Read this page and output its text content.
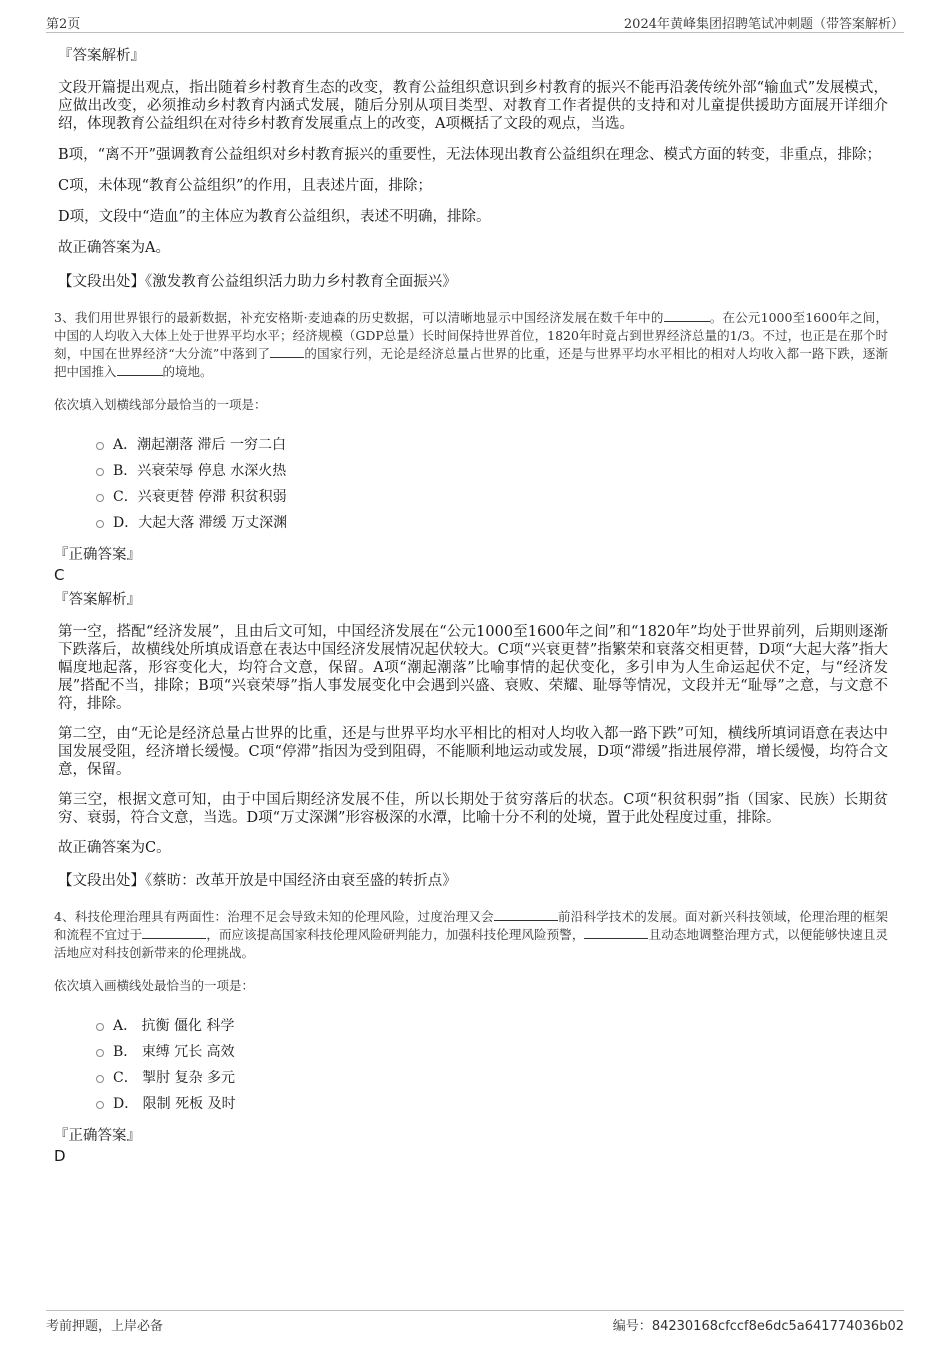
第2页	2024年黄峰集团招聘笔试冲刺题（带答案解析）
『答案解析』

文段开篇提出观点，指出随着乡村教育生态的改变，教育公益组织意识到乡村教育的振兴不能再沿袭传统外部“输血式”发展模式，应做出改变，必须推动乡村教育内涵式发展，随后分别从项目类型、对教育工作者提供的支持和对儿童提供援助方面展开详细介绍，体现教育公益组织在对待乡村教育发展重点上的改变，A项概括了文段的观点，当选。

B项，“离不开”强调教育公益组织对乡村教育振兴的重要性，无法体现出教育公益组织在理念、模式方面的转变，非重点，排除；

C项，未体现“教育公益组织”的作用，且表述片面，排除；

D项，文段中“造血”的主体应为教育公益组织，表述不明确，排除。

故正确答案为A。

【文段出处】《激发教育公益组织活力助力乡村教育全面振兴》

3、我们用世界银行的最新数据，补充安格斯·麦迪森的历史数据，可以清晰地显示中国经济发展在数千年中的	。在公元1000至1600年之间，中国的人均收入大体上处于世界平均水平；经济规模（GDP总量）长时间保持世界首位，1820年时竟占到世界经济总量的1/3。不过，也正是在那个时刻，中国在世界经济“大分流”中落到了	的国家行列，无论是经济总量占世界的比重，还是与世界平均水平相比的相对人均收入都一路下跌，逐渐把中国推入	的境地。

依次填入划横线部分最恰当的一项是：
A．潮起潮落 滞后 一穷二白
B．兴衰荣辱 停息 水深火热
C．兴衰更替 停滞 积贫积弱
D．大起大落 滞缓 万丈深渊
『正确答案』
C
『答案解析』

第一空，搭配“经济发展”，且由后文可知，中国经济发展在“公元1000至1600年之间”和“1820年”均处于世界前列，后期则逐渐下跌落后，故横线处所填成语意在表达中国经济发展情况起伏较大。C项“兴衰更替”指繁荣和衰落交相更替，D项“大起大落”指大幅度地起落，形容变化大，均符合文意，保留。A项“潮起潮落”比喻事情的起伏变化，多引申为人生命运起伏不定，与“经济发展”搭配不当，排除；B项“兴衰荣辱”指人事发展变化中会遇到兴盛、衰败、荣耀、耻辱等情况，文段并无“耻辱”之意，与文意不符，排除。

第二空，由“无论是经济总量占世界的比重，还是与世界平均水平相比的相对人均收入都一路下跌”可知，横线所填词语意在表达中国发展受阻，经济增长缓慢。C项“停滞”指因为受到阻碍，不能顺利地运动或发展，D项“滞缓”指进展停滞，增长缓慢，均符合文意，保留。

第三空，根据文意可知，由于中国后期经济发展不佳，所以长期处于贫穷落后的状态。C项“积贫积弱”指（国家、民族）长期贫穷、衰弱，符合文意，当选。D项“万丈深渊”形容极深的水潭，比喻十分不利的处境，置于此处程度过重，排除。

故正确答案为C。

【文段出处】《蔡昉：改革开放是中国经济由衰至盛的转折点》

4、科技伦理治理具有两面性：治理不足会导致未知的伦理风险，过度治理又会	前沿科学技术的发展。面对新兴科技领域，伦理治理的框架和流程不宜过于	，而应该提高国家科技伦理风险研判能力，加强科技伦理风险预警，	且动态地调整治理方式，以便能够快速且灵活地应对科技创新带来的伦理挑战。

依次填入画横线处最恰当的一项是：
A． 抗衡 僵化 科学
B． 束缚 冗长 高效
C． 掣肘 复杂 多元
D． 限制 死板 及时
『正确答案』
D
考前押题，上岸必备	编号：84230168cfccf8e6dc5a641774036b02
